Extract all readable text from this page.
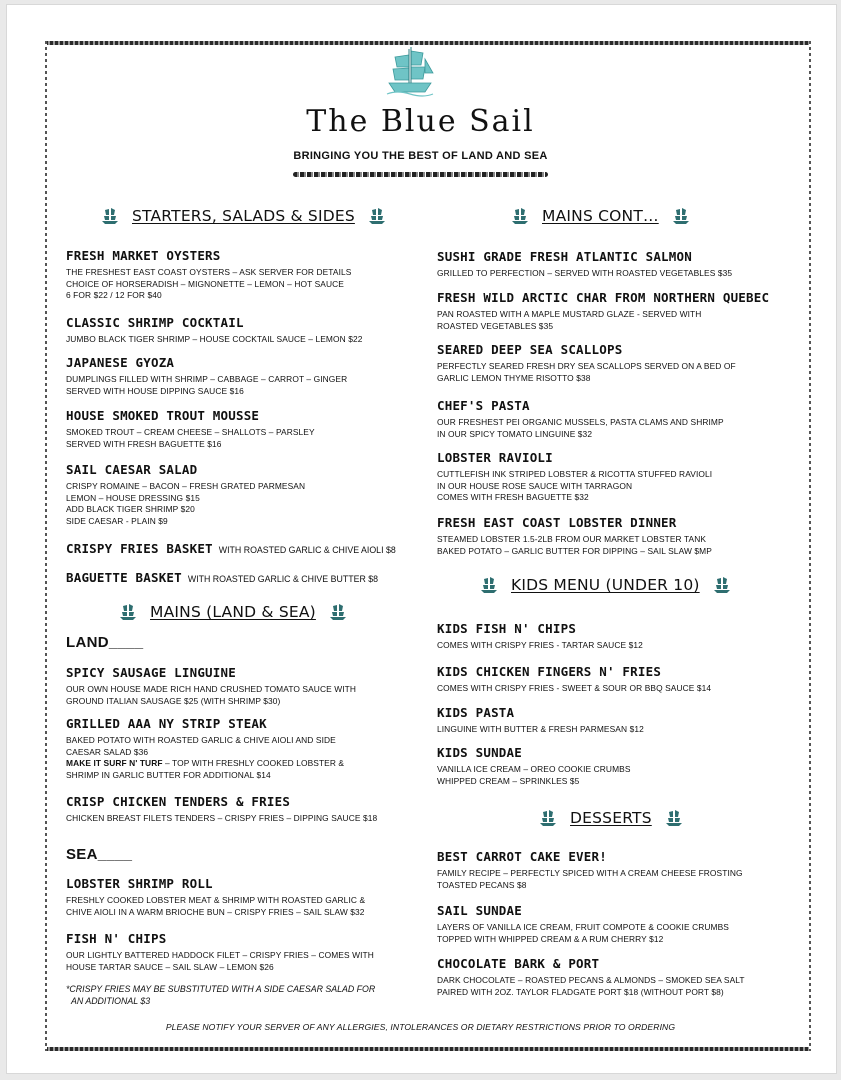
The Blue Sail
BRINGING YOU THE BEST OF LAND AND SEA
STARTERS, SALADS & SIDES
FRESH MARKET OYSTERS
THE FRESHEST EAST COAST OYSTERS – ASK SERVER FOR DETAILS
CHOICE OF HORSERADISH – MIGNONETTE – LEMON – HOT SAUCE
6 FOR $22 / 12 FOR $40
CLASSIC SHRIMP COCKTAIL
JUMBO BLACK TIGER SHRIMP – HOUSE COCKTAIL SAUCE – LEMON $22
JAPANESE GYOZA
DUMPLINGS FILLED WITH SHRIMP – CABBAGE – CARROT – GINGER
SERVED WITH HOUSE DIPPING SAUCE $16
HOUSE SMOKED TROUT MOUSSE
SMOKED TROUT – CREAM CHEESE – SHALLOTS – PARSLEY
SERVED WITH FRESH BAGUETTE $16
SAIL CAESAR SALAD
CRISPY ROMAINE – BACON – FRESH GRATED PARMESAN
LEMON – HOUSE DRESSING $15
ADD BLACK TIGER SHRIMP $20
SIDE CAESAR - PLAIN $9
CRISPY FRIES BASKET WITH ROASTED GARLIC & CHIVE AIOLI $8
BAGUETTE BASKET WITH ROASTED GARLIC & CHIVE BUTTER $8
MAINS (LAND & SEA)
LAND____
SPICY SAUSAGE LINGUINE
OUR OWN HOUSE MADE RICH HAND CRUSHED TOMATO SAUCE WITH
GROUND ITALIAN SAUSAGE $25 (WITH SHRIMP $30)
GRILLED AAA NY STRIP STEAK
BAKED POTATO WITH ROASTED GARLIC & CHIVE AIOLI AND SIDE
CAESAR SALAD $36
MAKE IT SURF N' TURF – TOP WITH FRESHLY COOKED LOBSTER &
SHRIMP IN GARLIC BUTTER FOR ADDITIONAL $14
CRISP CHICKEN TENDERS & FRIES
CHICKEN BREAST FILETS TENDERS – CRISPY FRIES – DIPPING SAUCE $18
SEA____
LOBSTER SHRIMP ROLL
FRESHLY COOKED LOBSTER MEAT & SHRIMP WITH ROASTED GARLIC &
CHIVE AIOLI IN A WARM BRIOCHE BUN – CRISPY FRIES – SAIL SLAW $32
FISH N' CHIPS
OUR LIGHTLY BATTERED HADDOCK FILET – CRISPY FRIES – COMES WITH
HOUSE TARTAR SAUCE – SAIL SLAW – LEMON $26
*CRISPY FRIES MAY BE SUBSTITUTED WITH A SIDE CAESAR SALAD FOR
AN ADDITIONAL $3
MAINS CONT…
SUSHI GRADE FRESH ATLANTIC SALMON
GRILLED TO PERFECTION – SERVED WITH ROASTED VEGETABLES $35
FRESH WILD ARCTIC CHAR FROM NORTHERN QUEBEC
PAN ROASTED WITH A MAPLE MUSTARD GLAZE - SERVED WITH
ROASTED VEGETABLES $35
SEARED DEEP SEA SCALLOPS
PERFECTLY SEARED FRESH DRY SEA SCALLOPS SERVED ON A BED OF
GARLIC LEMON THYME RISOTTO $38
CHEF'S PASTA
OUR FRESHEST PEI ORGANIC MUSSELS, PASTA CLAMS AND SHRIMP
IN OUR SPICY TOMATO LINGUINE $32
LOBSTER RAVIOLI
CUTTLEFISH INK STRIPED LOBSTER & RICOTTA STUFFED RAVIOLI
IN OUR HOUSE ROSE SAUCE WITH TARRAGON
COMES WITH FRESH BAGUETTE $32
FRESH EAST COAST LOBSTER DINNER
STEAMED LOBSTER 1.5-2LB FROM OUR MARKET LOBSTER TANK
BAKED POTATO – GARLIC BUTTER FOR DIPPING – SAIL SLAW $MP
KIDS MENU (UNDER 10)
KIDS FISH N' CHIPS
COMES WITH CRISPY FRIES - TARTAR SAUCE $12
KIDS CHICKEN FINGERS N' FRIES
COMES WITH CRISPY FRIES - SWEET & SOUR OR BBQ SAUCE $14
KIDS PASTA
LINGUINE WITH BUTTER & FRESH PARMESAN $12
KIDS SUNDAE
VANILLA ICE CREAM – OREO COOKIE CRUMBS
WHIPPED CREAM – SPRINKLES $5
DESSERTS
BEST CARROT CAKE EVER!
FAMILY RECIPE – PERFECTLY SPICED WITH A CREAM CHEESE FROSTING
TOASTED PECANS $8
SAIL SUNDAE
LAYERS OF VANILLA ICE CREAM, FRUIT COMPOTE & COOKIE CRUMBS
TOPPED WITH WHIPPED CREAM & A RUM CHERRY $12
CHOCOLATE BARK & PORT
DARK CHOCOLATE – ROASTED PECANS & ALMONDS – SMOKED SEA SALT
PAIRED WITH 2OZ. TAYLOR FLADGATE PORT $18 (WITHOUT PORT $8)
PLEASE NOTIFY YOUR SERVER OF ANY ALLERGIES, INTOLERANCES OR DIETARY RESTRICTIONS PRIOR TO ORDERING
